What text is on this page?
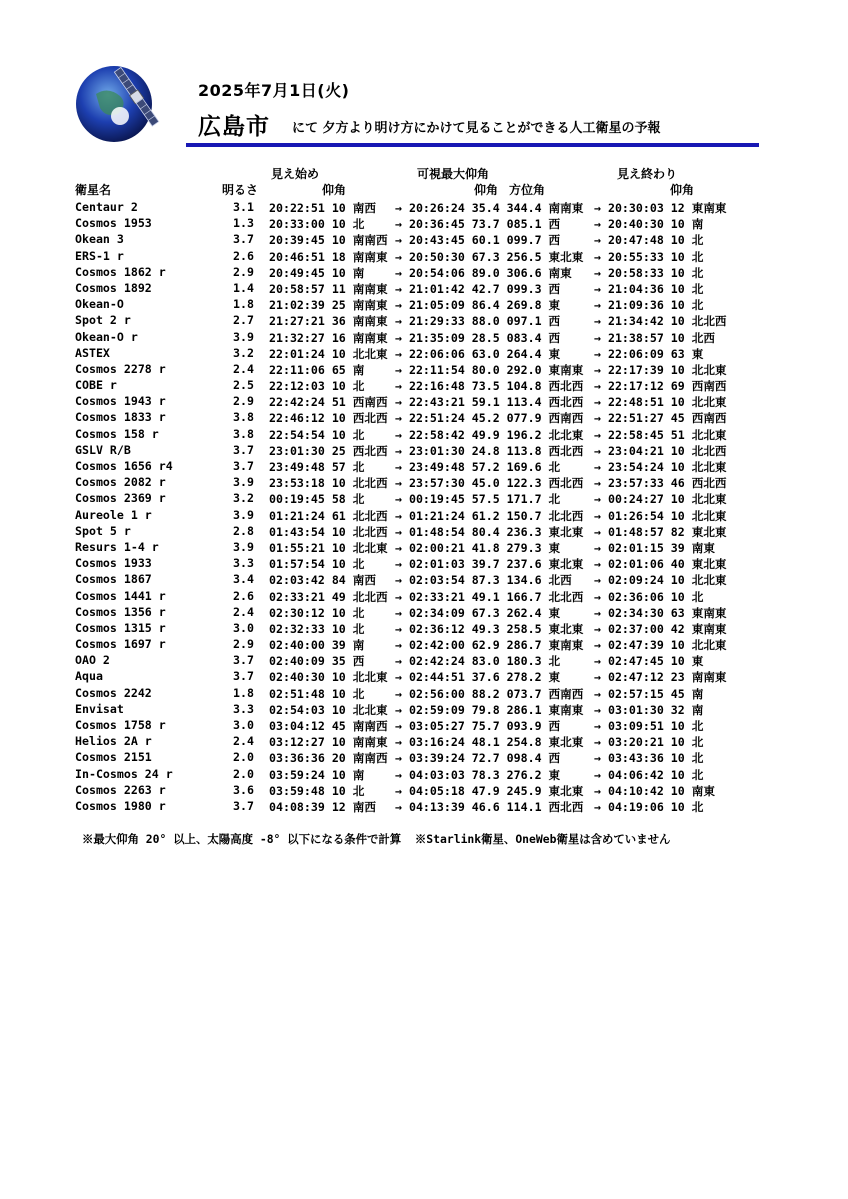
2025年7月1日(火)
広島市 にて 夕方より明け方にかけて見ることができる人工衛星の予報
見え始め	可視最大仰角	見え終わり
衛星名	明るさ	仰角	仰角 方位角	仰角
Centaur 2	3.1 20:22:51 10 南西 → 20:26:24 35.4 344.4 南南東 → 20:30:03 12 東南東
Cosmos 1953	1.3 20:33:00 10 北	→ 20:36:45 73.7 085.1 西	→ 20:40:30 10 南
Okean 3	3.7 20:39:45 10 南南西 → 20:43:45 60.1 099.7 西	→ 20:47:48 10 北
ERS-1 r	2.6 20:46:51 18 南南東 → 20:50:30 67.3 256.5 東北東 → 20:55:33 10 北
Cosmos 1862 r	2.9 20:49:45 10 南	→ 20:54:06 89.0 306.6 南東 → 20:58:33 10 北
Cosmos 1892	1.4 20:58:57 11 南南東 → 21:01:42 42.7 099.3 西	→ 21:04:36 10 北
Okean-O	1.8 21:02:39 25 南南東 → 21:05:09 86.4 269.8 東	→ 21:09:36 10 北
Spot 2 r	2.7 21:27:21 36 南南東 → 21:29:33 88.0 097.1 西	→ 21:34:42 10 北北西
Okean-O r	3.9 21:32:27 16 南南東 → 21:35:09 28.5 083.4 西	→ 21:38:57 10 北西
ASTEX	3.2 22:01:24 10 北北東 → 22:06:06 63.0 264.4 東	→ 22:06:09 63 東
Cosmos 2278 r	2.4 22:11:06 65 南	→ 22:11:54 80.0 292.0 東南東 → 22:17:39 10 北北東
COBE r	2.5 22:12:03 10 北	→ 22:16:48 73.5 104.8 西北西 → 22:17:12 69 西南西
Cosmos 1943 r	2.9 22:42:24 51 西南西 → 22:43:21 59.1 113.4 西北西 → 22:48:51 10 北北東
Cosmos 1833 r	3.8 22:46:12 10 西北西 → 22:51:24 45.2 077.9 西南西 → 22:51:27 45 西南西
Cosmos 158 r	3.8 22:54:54 10 北	→ 22:58:42 49.9 196.2 北北東 → 22:58:45 51 北北東
GSLV R/B	3.7 23:01:30 25 西北西 → 23:01:30 24.8 113.8 西北西 → 23:04:21 10 北北西
Cosmos 1656 r4	3.7 23:49:48 57 北	→ 23:49:48 57.2 169.6 北	→ 23:54:24 10 北北東
Cosmos 2082 r	3.9 23:53:18 10 北北西 → 23:57:30 45.0 122.3 西北西 → 23:57:33 46 西北西
Cosmos 2369 r	3.2 00:19:45 58 北	→ 00:19:45 57.5 171.7 北	→ 00:24:27 10 北北東
Aureole 1 r	3.9 01:21:24 61 北北西 → 01:21:24 61.2 150.7 北北西 → 01:26:54 10 北北東
Spot 5 r	2.8 01:43:54 10 北北西 → 01:48:54 80.4 236.3 東北東 → 01:48:57 82 東北東
Resurs 1-4 r	3.9 01:55:21 10 北北東 → 02:00:21 41.8 279.3 東	→ 02:01:15 39 南東
Cosmos 1933	3.3 01:57:54 10 北	→ 02:01:03 39.7 237.6 東北東 → 02:01:06 40 東北東
Cosmos 1867	3.4 02:03:42 84 南西 → 02:03:54 87.3 134.6 北西 → 02:09:24 10 北北東
Cosmos 1441 r	2.6 02:33:21 49 北北西 → 02:33:21 49.1 166.7 北北西 → 02:36:06 10 北
Cosmos 1356 r	2.4 02:30:12 10 北	→ 02:34:09 67.3 262.4 東	→ 02:34:30 63 東南東
Cosmos 1315 r	3.0 02:32:33 10 北	→ 02:36:12 49.3 258.5 東北東 → 02:37:00 42 東南東
Cosmos 1697 r	2.9 02:40:00 39 南	→ 02:42:00 62.9 286.7 東南東 → 02:47:39 10 北北東
OAO 2	3.7 02:40:09 35 西	→ 02:42:24 83.0 180.3 北	→ 02:47:45 10 東
Aqua	3.7 02:40:30 10 北北東 → 02:44:51 37.6 278.2 東	→ 02:47:12 23 南南東
Cosmos 2242	1.8 02:51:48 10 北	→ 02:56:00 88.2 073.7 西南西 → 02:57:15 45 南
Envisat	3.3 02:54:03 10 北北東 → 02:59:09 79.8 286.1 東南東 → 03:01:30 32 南
Cosmos 1758 r	3.0 03:04:12 45 南南西 → 03:05:27 75.7 093.9 西	→ 03:09:51 10 北
Helios 2A r	2.4 03:12:27 10 南南東 → 03:16:24 48.1 254.8 東北東 → 03:20:21 10 北
Cosmos 2151	2.0 03:36:36 20 南南西 → 03:39:24 72.7 098.4 西	→ 03:43:36 10 北
In-Cosmos 24 r	2.0 03:59:24 10 南	→ 04:03:03 78.3 276.2 東	→ 04:06:42 10 北
Cosmos 2263 r	3.6 03:59:48 10 北	→ 04:05:18 47.9 245.9 東北東 → 04:10:42 10 南東
Cosmos 1980 r	3.7 04:08:39 12 南西 → 04:13:39 46.6 114.1 西北西 → 04:19:06 10 北
※最大仰角 20° 以上、太陽高度 -8° 以下になる条件で計算  ※Starlink衛星、OneWeb衛星は含めていません
